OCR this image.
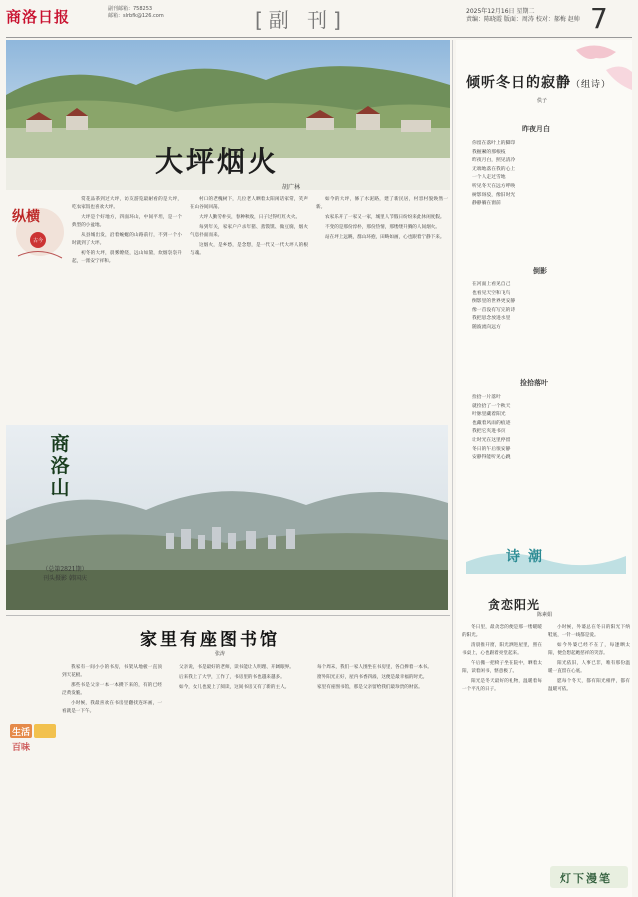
商洛日报	副刊邮箱：758253
邮箱：slrbfk@126.com	[副 刊]	2025年12月16日 星期二
责编：陈晓霞 版面：周涛 校对：郝梅 赵帅 7
大坪烟火
胡广林
纵横
古今

赏花品茶到过大坪，访友游览最耐看的是大坪，吃农家饭也喜欢大坪。

大坪是个好地方，四面环山，中间平坦，是一个典型的小盆地。

从县城出发，沿着蜿蜒的山路前行，不到一个小时就到了大坪。

初冬的大坪，晨雾缭绕，远山如黛，炊烟袅袅升起，一派安宁祥和。

村口的老槐树下，几位老人晒着太阳闲话家常，笑声在山谷间回荡。

大坪人勤劳朴实，春种秋收，日子过得红红火火。

每到年关，家家户户杀年猪、蒸馍馍、做豆腐，烟火气息扑面而来。

这烟火，是乡愁，是念想，是一代又一代大坪人的根与魂。

如今的大坪，修了水泥路，建了新民居，村容村貌焕然一新。

农家乐开了一家又一家，城里人节假日纷纷来此休闲度假。

不变的是那份淳朴，那份热情，那缕缕升腾的人间烟火。

站在坪上远眺，群山环抱，田畴如画，心也跟着宁静下来。

商洛山
（总第2821期）
刊头摄影 韩国庆
家里有座图书馆
张涛
生活
百味

我家有一间小小的书房，书架从地板一直顶到天花板。

那些书是父亲一本一本攒下来的，有的已经泛黄发脆。

小时候，我最喜欢在书房里翻找连环画，一看就是一下午。

父亲说，书是最好的老师，读书能让人明理、开阔眼界。

后来我上了大学，工作了，书房里的书也越来越多。

如今，女儿也爱上了阅读，这间书房又有了新的主人。

每个周末，我们一家人围坐在书房里，各自捧着一本书。

窗外阳光正好，屋内书香四溢，这便是最幸福的时光。

家里有座图书馆，那是父亲留给我们最珍贵的财富。

倾听冬日的寂静（组诗）
佚子
昨夜月白
你留在落叶上的脚印
我握紧的那根枝
昨夜月白，照见清冷
无端地落在我的心上
一个人走过雪地
听见冬天在远方呼唤
树影斑驳，像旧时光
静静躺在窗前
倒影
在河面上看见自己
也看见天空和飞鸟
倒影里的世界更安静
像一首没有写完的诗
我把思念放进水里
随波流向远方
捡拾落叶
捡拾一片落叶
就捡拾了一个秋天
叶脉里藏着阳光
也藏着风雨的痕迹
我把它夹进书页
让时光在这里停留
冬日的午后很安静
安静得能听见心跳
诗潮
贪恋阳光
陈素娟

冬日里，最贪恋的便是那一缕暖暖的阳光。

清晨推开窗，阳光洒进屋里，照在书桌上，心也跟着亮堂起来。

午后搬一把椅子坐在院中，晒着太阳，读着闲书，惬意极了。

阳光是冬天最好的礼物，温暖着每一个平凡的日子。

小时候，外婆总在冬日的阳光下纳鞋底，一针一线都是爱。

如今外婆已经不在了，每逢晒太阳，便会想起她慈祥的笑容。

阳光依旧，人事已非，唯有那份温暖一直留在心底。

愿每个冬天，都有阳光相伴，都有温暖可依。

灯下漫笔
